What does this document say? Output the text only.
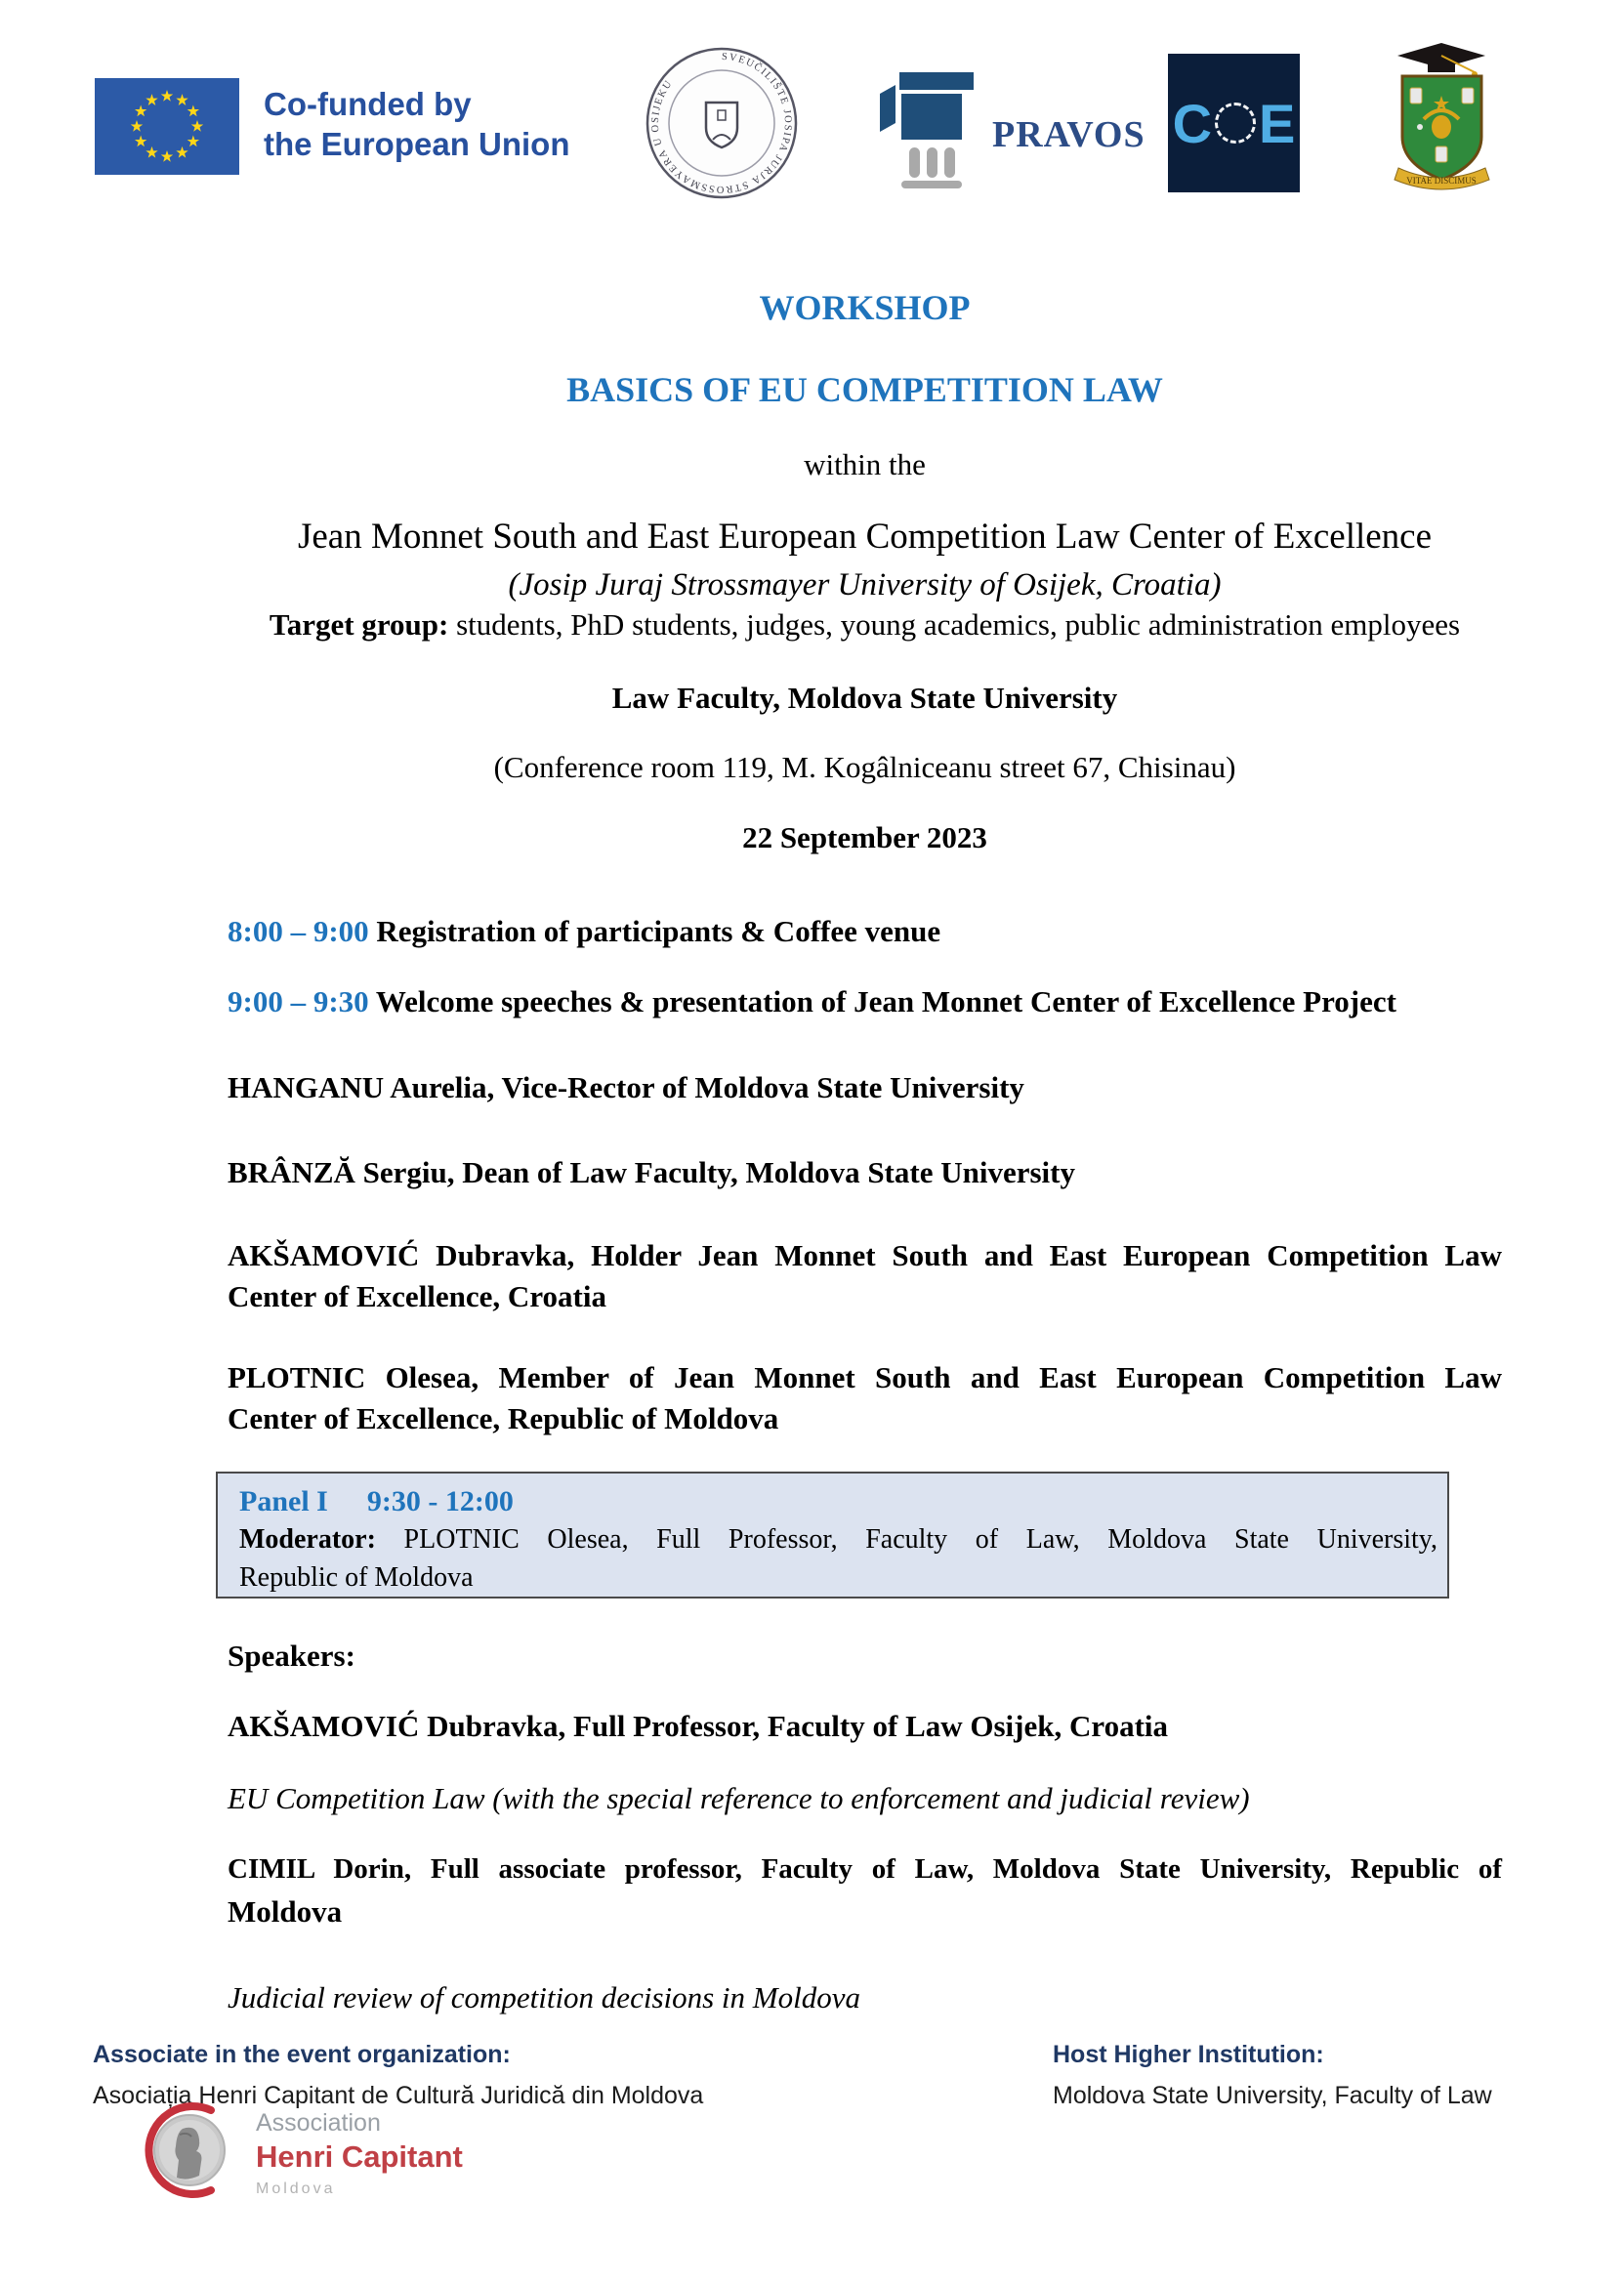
Co-funded by
the European Union
SVEUČILIŠTE JOSIPA JURJA STROSSMAYERA U OSIJEKU
PRAVOS C E
VITAE DISCIMUS
WORKSHOP
BASICS OF EU COMPETITION LAW
within the
Jean Monnet South and East European Competition Law Center of Excellence
(Josip Juraj Strossmayer University of Osijek, Croatia)
Target group: students, PhD students, judges, young academics, public administration employees
Law Faculty, Moldova State University
(Conference room 119, M. Kogâlniceanu street 67, Chisinau)
22 September 2023
8:00 – 9:00 Registration of participants & Coffee venue
9:00 – 9:30 Welcome speeches & presentation of Jean Monnet Center of Excellence Project
HANGANU Aurelia, Vice-Rector of Moldova State University
BRÂNZĂ Sergiu, Dean of Law Faculty, Moldova State University
AKŠAMOVIĆ Dubravka, Holder Jean Monnet South and East European Competition Law
Center of Excellence, Croatia
PLOTNIC Olesea, Member of Jean Monnet South and East European Competition Law
Center of Excellence, Republic of Moldova
Panel I 9:30 - 12:00
Moderator: PLOTNIC Olesea, Full Professor, Faculty of Law, Moldova State University,
Republic of Moldova
Speakers:
AKŠAMOVIĆ Dubravka, Full Professor, Faculty of Law Osijek, Croatia
EU Competition Law (with the special reference to enforcement and judicial review)
CIMIL Dorin, Full associate professor, Faculty of Law, Moldova State University, Republic of
Moldova
Judicial review of competition decisions in Moldova
Associate in the event organization:
Asociația Henri Capitant de Cultură Juridică din Moldova
Host Higher Institution:
Moldova State University, Faculty of Law
Association
Henri Capitant
Moldova
